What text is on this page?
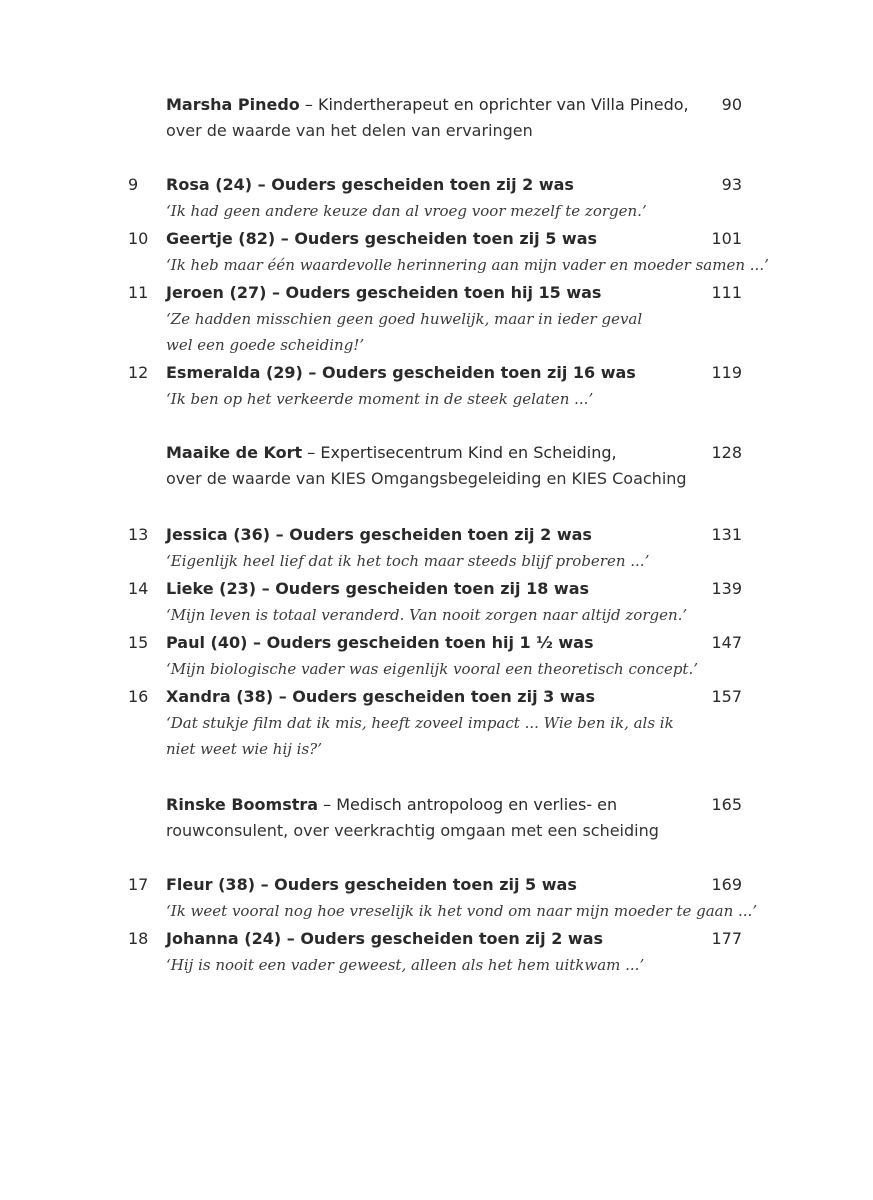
Marsha Pinedo – Kindertherapeut en oprichter van Villa Pinedo,	90
over de waarde van het delen van ervaringen
9	Rosa (24) – Ouders gescheiden toen zij 2 was	93
‘Ik had geen andere keuze dan al vroeg voor mezelf te zorgen.’
10	Geertje (82) – Ouders gescheiden toen zij 5 was	101
‘Ik heb maar één waardevolle herinnering aan mijn vader en moeder samen ...’
11	Jeroen (27) – Ouders gescheiden toen hij 15 was	111
‘Ze hadden misschien geen goed huwelijk, maar in ieder geval
wel een goede scheiding!’
12	Esmeralda (29) – Ouders gescheiden toen zij 16 was	119
‘Ik ben op het verkeerde moment in de steek gelaten ...’
Maaike de Kort – Expertisecentrum Kind en Scheiding,	128
over de waarde van KIES Omgangsbegeleiding en KIES Coaching
13	Jessica (36) – Ouders gescheiden toen zij 2 was	131
‘Eigenlijk heel lief dat ik het toch maar steeds blijf proberen ...’
14	Lieke (23) – Ouders gescheiden toen zij 18 was	139
‘Mijn leven is totaal veranderd. Van nooit zorgen naar altijd zorgen.’
15	Paul (40) – Ouders gescheiden toen hij 1 ½ was	147
‘Mijn biologische vader was eigenlijk vooral een theoretisch concept.’
16	Xandra (38) – Ouders gescheiden toen zij 3 was	157
‘Dat stukje film dat ik mis, heeft zoveel impact ... Wie ben ik, als ik
niet weet wie hij is?’
Rinske Boomstra – Medisch antropoloog en verlies- en	165
rouwconsulent, over veerkrachtig omgaan met een scheiding
17	Fleur (38) – Ouders gescheiden toen zij 5 was	169
‘Ik weet vooral nog hoe vreselijk ik het vond om naar mijn moeder te gaan ...’
18	Johanna (24) – Ouders gescheiden toen zij 2 was	177
‘Hij is nooit een vader geweest, alleen als het hem uitkwam ...’
